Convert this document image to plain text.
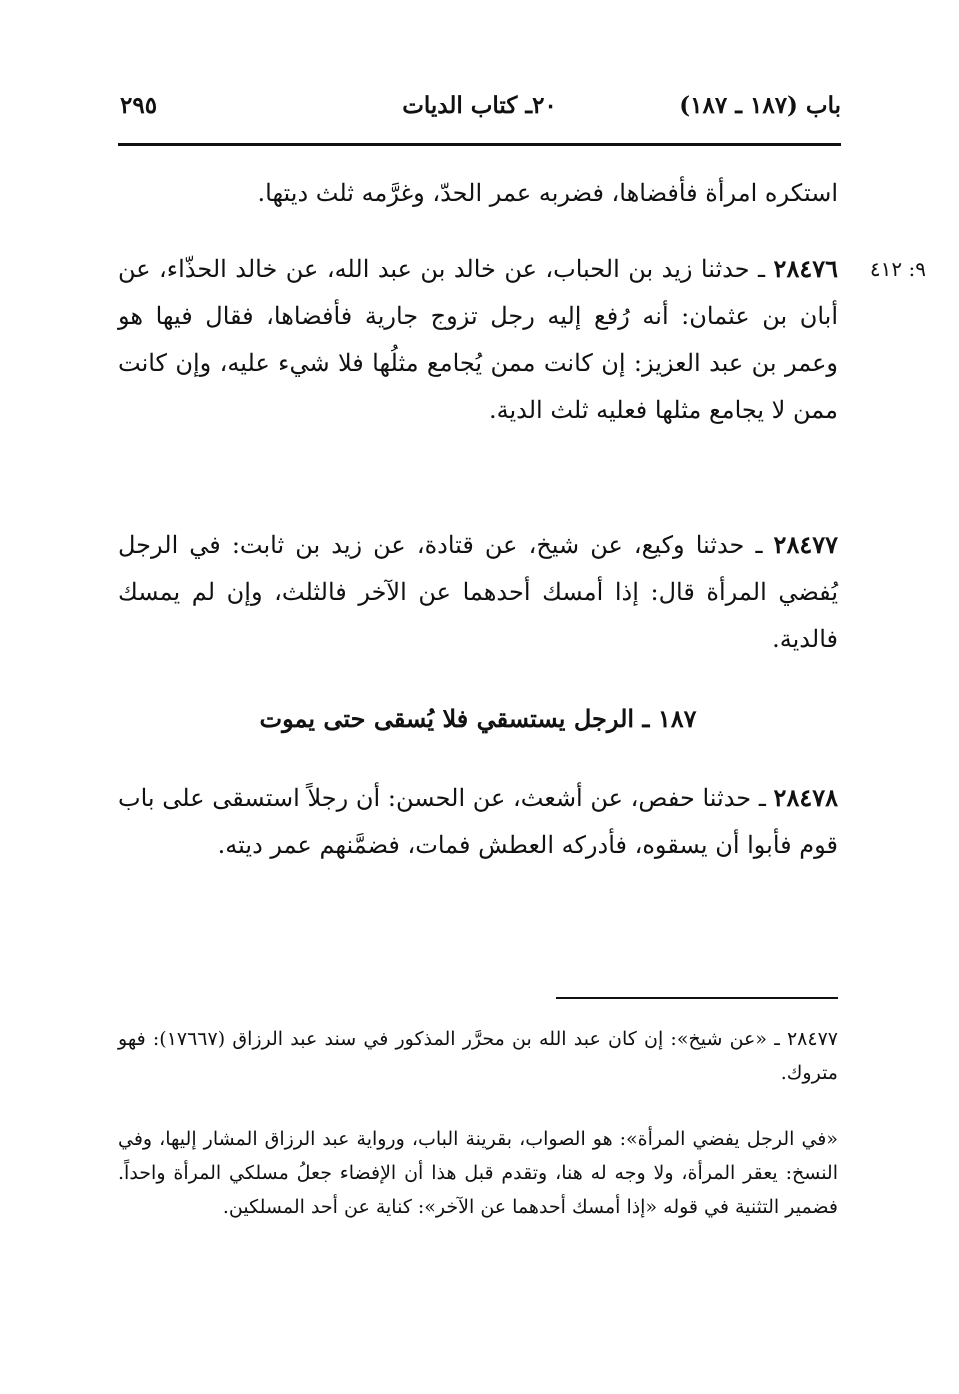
باب (١٨٧ ـ ١٨٧)
٢٠ـ كتاب الديات
٢٩٥
استكره امرأة فأفضاها، فضربه عمر الحدّ، وغرَّمه ثلث ديتها.
٩: ٤١٢
٢٨٤٧٦ ـ حدثنا زيد بن الحباب، عن خالد بن عبد الله، عن خالد الحذّاء، عن أبان بن عثمان: أنه رُفع إليه رجل تزوج جارية فأفضاها، فقال فيها هو وعمر بن عبد العزيز: إن كانت ممن يُجامع مثلُها فلا شيء عليه، وإن كانت ممن لا يجامع مثلها فعليه ثلث الدية.
٢٨٤٧٧ ـ حدثنا وكيع، عن شيخ، عن قتادة، عن زيد بن ثابت: في الرجل يُفضي المرأة قال: إذا أمسك أحدهما عن الآخر فالثلث، وإن لم يمسك فالدية.
١٨٧ ـ الرجل يستسقي فلا يُسقى حتى يموت
٢٨٤٧٨ ـ حدثنا حفص، عن أشعث، عن الحسن: أن رجلاً استسقى على باب قوم فأبوا أن يسقوه، فأدركه العطش فمات، فضمَّنهم عمر ديته.
٢٨٤٧٧ ـ «عن شيخ»: إن كان عبد الله بن محرَّر المذكور في سند عبد الرزاق (١٧٦٦٧): فهو متروك.
«في الرجل يفضي المرأة»: هو الصواب، بقرينة الباب، ورواية عبد الرزاق المشار إليها، وفي النسخ: يعقر المرأة، ولا وجه له هنا، وتقدم قبل هذا أن الإفضاء جعلُ مسلكي المرأة واحداً. فضمير التثنية في قوله «إذا أمسك أحدهما عن الآخر»: كناية عن أحد المسلكين.
